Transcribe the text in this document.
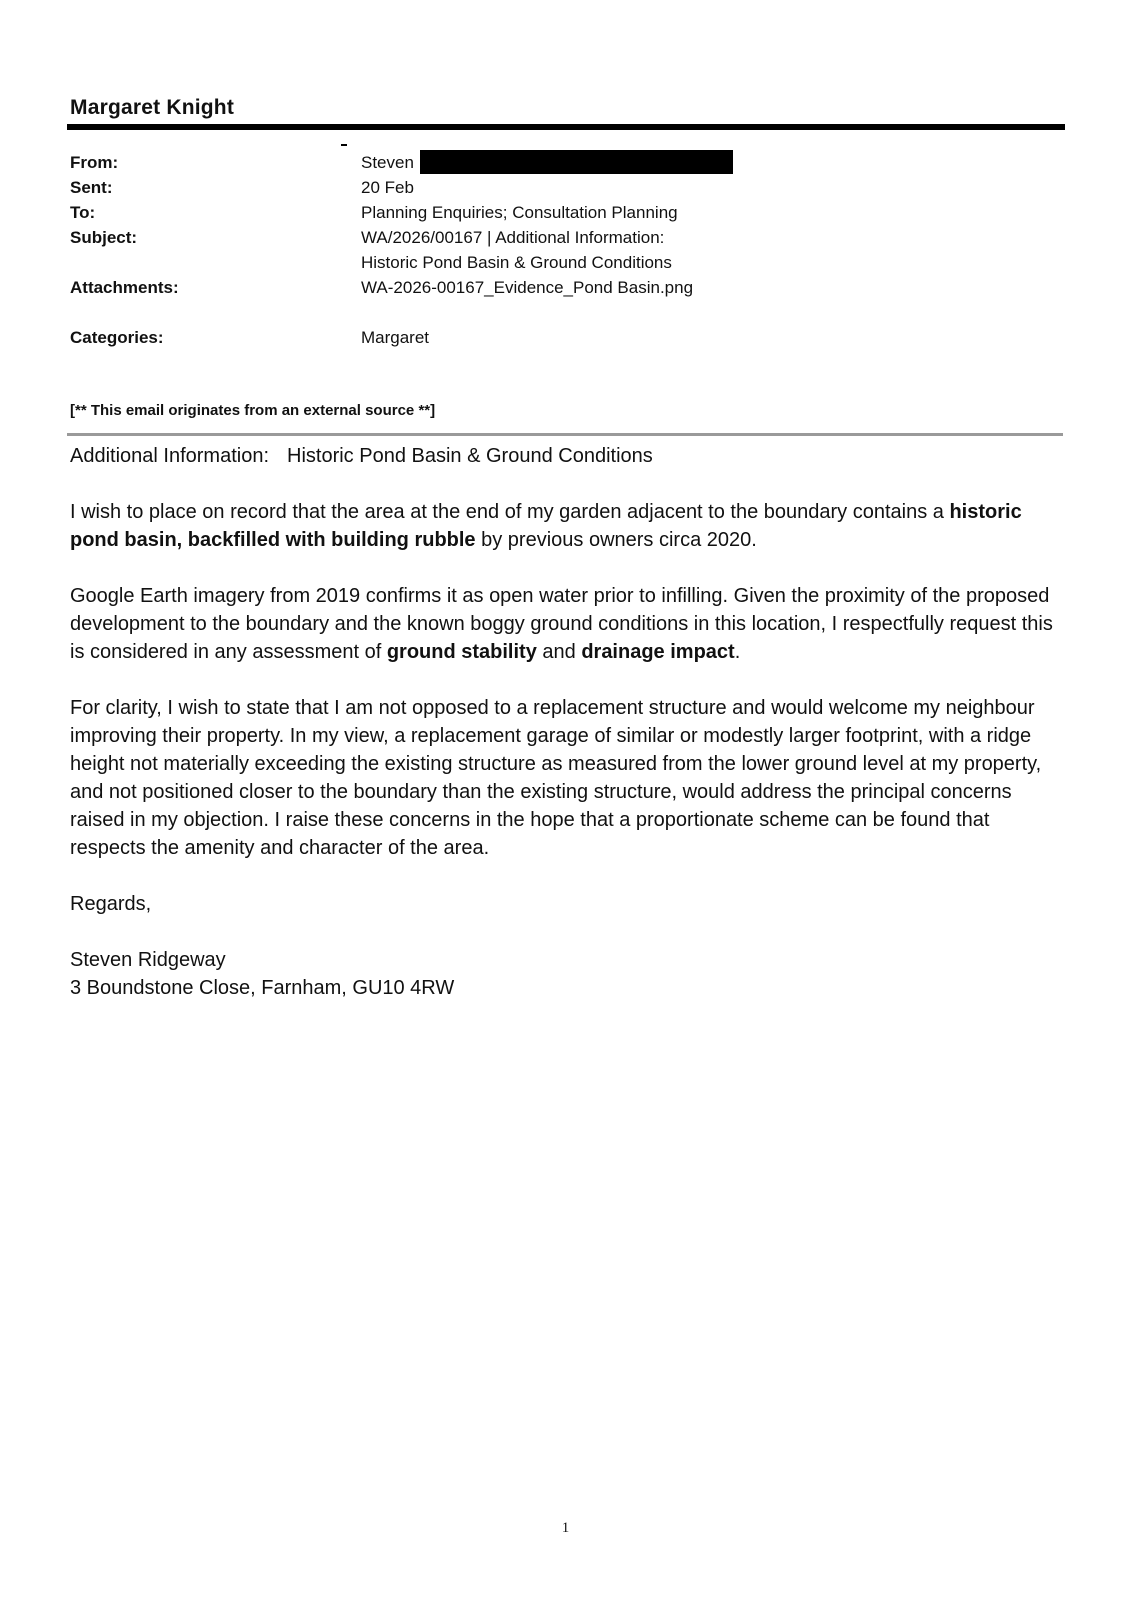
Margaret Knight
From:	Steven
Sent:	20 Feb
To:	Planning Enquiries; Consultation Planning
Subject:	WA/2026/00167 | Additional Information:
Historic Pond Basin & Ground Conditions
Attachments:	WA-2026-00167_Evidence_Pond Basin.png
Categories:	Margaret
[** This email originates from an external source **]

Additional Information: Historic Pond Basin & Ground Conditions

I wish to place on record that the area at the end of my garden adjacent to the boundary contains a historic pond basin, backfilled with building rubble by previous owners circa 2020.

Google Earth imagery from 2019 confirms it as open water prior to infilling. Given the proximity of the proposed development to the boundary and the known boggy ground conditions in this location, I respectfully request this is considered in any assessment of ground stability and drainage impact.

For clarity, I wish to state that I am not opposed to a replacement structure and would welcome my neighbour improving their property. In my view, a replacement garage of similar or modestly larger footprint, with a ridge height not materially exceeding the existing structure as measured from the lower ground level at my property, and not positioned closer to the boundary than the existing structure, would address the principal concerns raised in my objection. I raise these concerns in the hope that a proportionate scheme can be found that respects the amenity and character of the area.

Regards,

Steven Ridgeway
3 Boundstone Close, Farnham, GU10 4RW

1
